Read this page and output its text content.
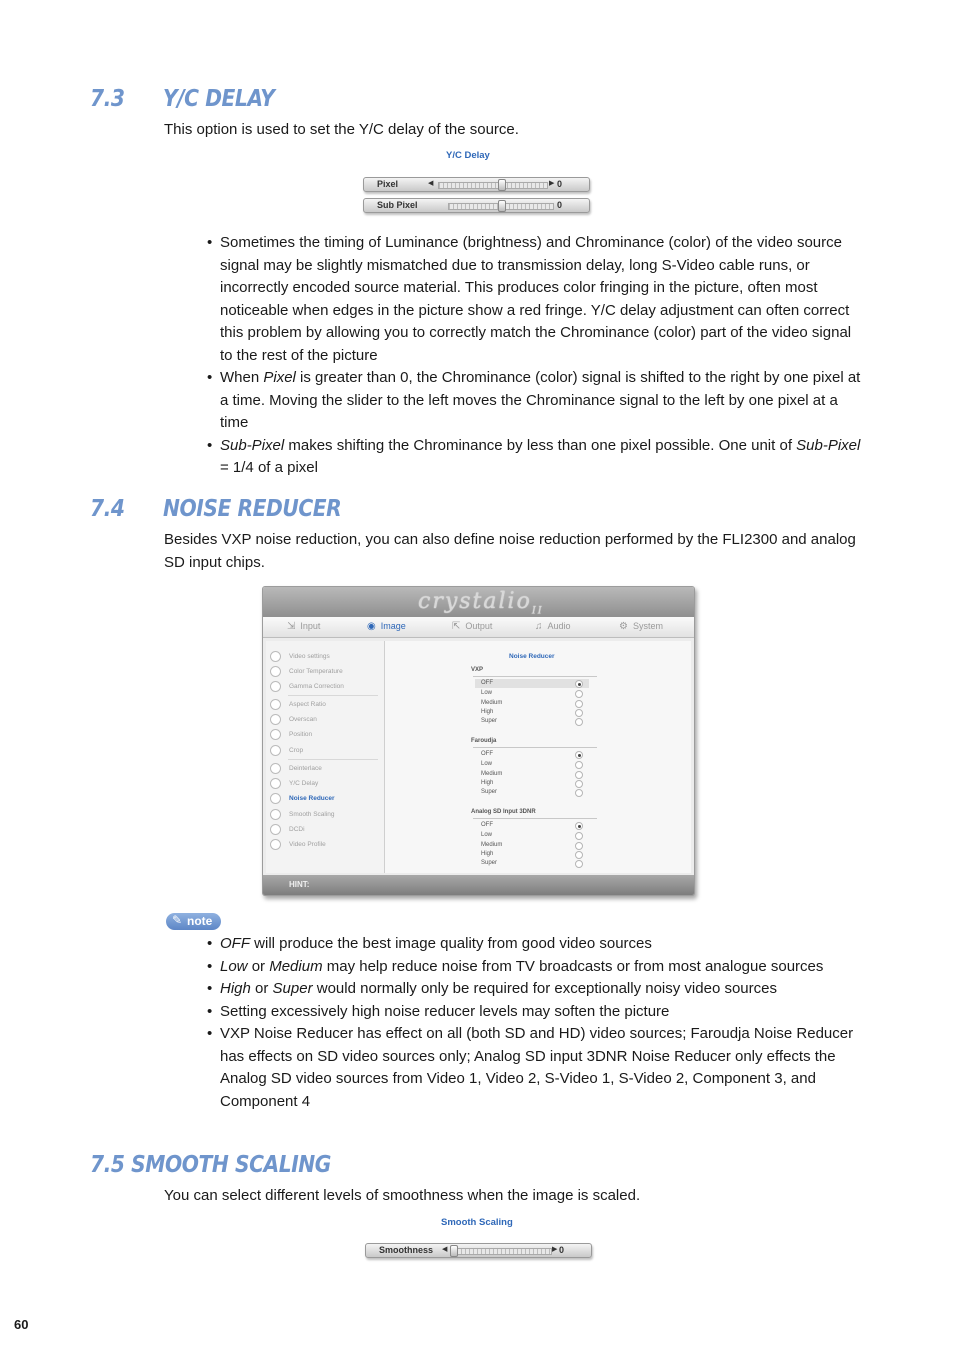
7.3 Y/C DELAY
This option is used to set the Y/C delay of the source.
Y/C Delay
Pixel	◀	▶ 0
Sub Pixel	0
• Sometimes the timing of Luminance (brightness) and Chrominance (color) of the video source signal may be slightly mismatched due to transmission delay, long S-Video cable runs, or incorrectly encoded source material. This produces color fringing in the picture, often most noticeable when edges in the picture show a red fringe. Y/C delay adjustment can often correct this problem by allowing you to correctly match the Chrominance (color) part of the video signal to the rest of the picture
• When Pixel is greater than 0, the Chrominance (color) signal is shifted to the right by one pixel at a time. Moving the slider to the left moves the Chrominance signal to the left by one pixel at a time
• Sub-Pixel makes shifting the Chrominance by less than one pixel possible. One unit of Sub-Pixel = 1/4 of a pixel
7.4 NOISE REDUCER
Besides VXP noise reduction, you can also define noise reduction performed by the FLI2300 and analog SD input chips.
crystalio$_{II}$
⇲ Input	◉ Image	⇱ Output	♫ Audio	⚙ System
Video settings
Color Temperature
Gamma Correction
Aspect Ratio
Overscan
Position
Crop
Deinterlace
Y/C Delay
Noise Reducer
Smooth Scaling
DCDi
Video Profile
Noise Reducer
VXP
OFF
Low
Medium
High
Super
Faroudja
OFF
Low
Medium
High
Super
Analog SD Input 3DNR
OFF
Low
Medium
High
Super
HINT:
✎ note
• OFF will produce the best image quality from good video sources
• Low or Medium may help reduce noise from TV broadcasts or from most analogue sources
• High or Super would normally only be required for exceptionally noisy video sources
• Setting excessively high noise reducer levels may soften the picture
• VXP Noise Reducer has effect on all (both SD and HD) video sources; Faroudja Noise Reducer has effects on SD video sources only; Analog SD input 3DNR Noise Reducer only effects the Analog SD video sources from Video 1, Video 2, S-Video 1, S-Video 2, Component 3, and Component 4
7.5 SMOOTH SCALING
You can select different levels of smoothness when the image is scaled.
Smooth Scaling
Smoothness ◀	▶ 0
60
